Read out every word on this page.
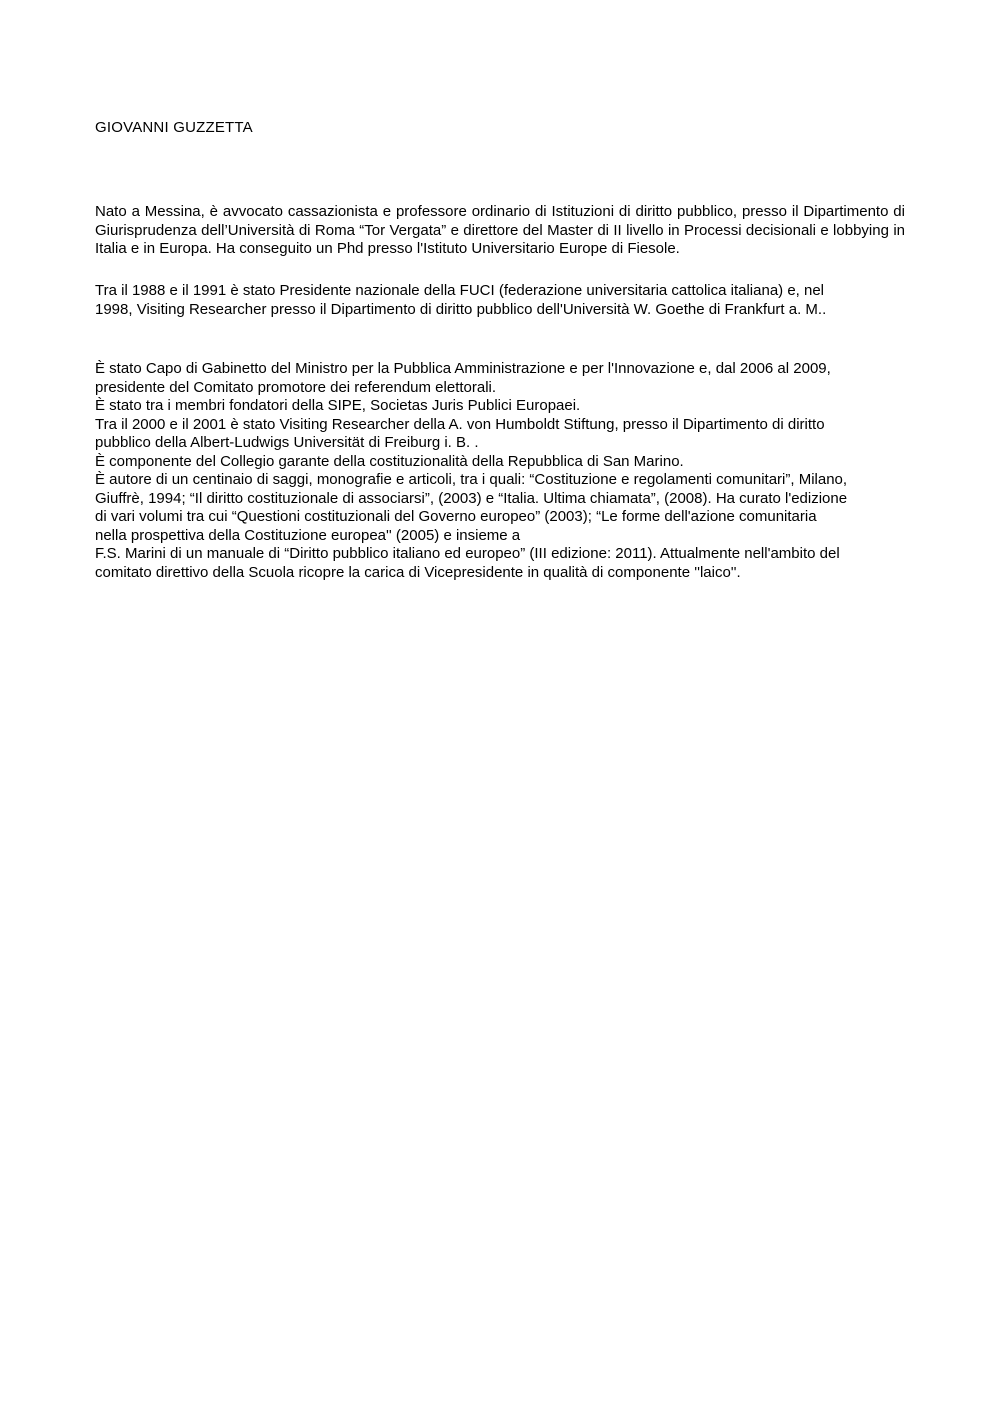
GIOVANNI GUZZETTA

Nato a Messina, è avvocato cassazionista e professore ordinario di Istituzioni di diritto pubblico, presso il Dipartimento di Giurisprudenza dell’Università di Roma “Tor Vergata” e direttore del Master di II livello in Processi decisionali e lobbying in Italia e in Europa. Ha conseguito un Phd presso l'Istituto Universitario Europe di Fiesole.

Tra il 1988 e il 1991 è stato Presidente nazionale della FUCI (federazione universitaria cattolica italiana) e, nel
1998, Visiting Researcher presso il Dipartimento di diritto pubblico dell'Università W. Goethe di Frankfurt a. M..
È stato Capo di Gabinetto del Ministro per la Pubblica Amministrazione e per l'Innovazione e, dal 2006 al 2009,
presidente del Comitato promotore dei referendum elettorali.
È stato tra i membri fondatori della SIPE, Societas Juris Publici Europaei.
Tra il 2000 e il 2001 è stato Visiting Researcher della A. von Humboldt Stiftung, presso il Dipartimento di diritto
pubblico della Albert-Ludwigs Universität di Freiburg i. B. .
È componente del Collegio garante della costituzionalità della Repubblica di San Marino.
È autore di un centinaio di saggi, monografie e articoli, tra i quali: “Costituzione e regolamenti comunitari”, Milano,
Giuffrè, 1994; “Il diritto costituzionale di associarsi”, (2003) e “Italia. Ultima chiamata”, (2008). Ha curato l'edizione
di vari volumi tra cui “Questioni costituzionali del Governo europeo” (2003); “Le forme dell'azione comunitaria
nella prospettiva della Costituzione europea'' (2005) e insieme a
F.S. Marini di un manuale di “Diritto pubblico italiano ed europeo” (III edizione: 2011). Attualmente nell'ambito del
comitato direttivo della Scuola ricopre la carica di Vicepresidente in qualità di componente ''laico''.
